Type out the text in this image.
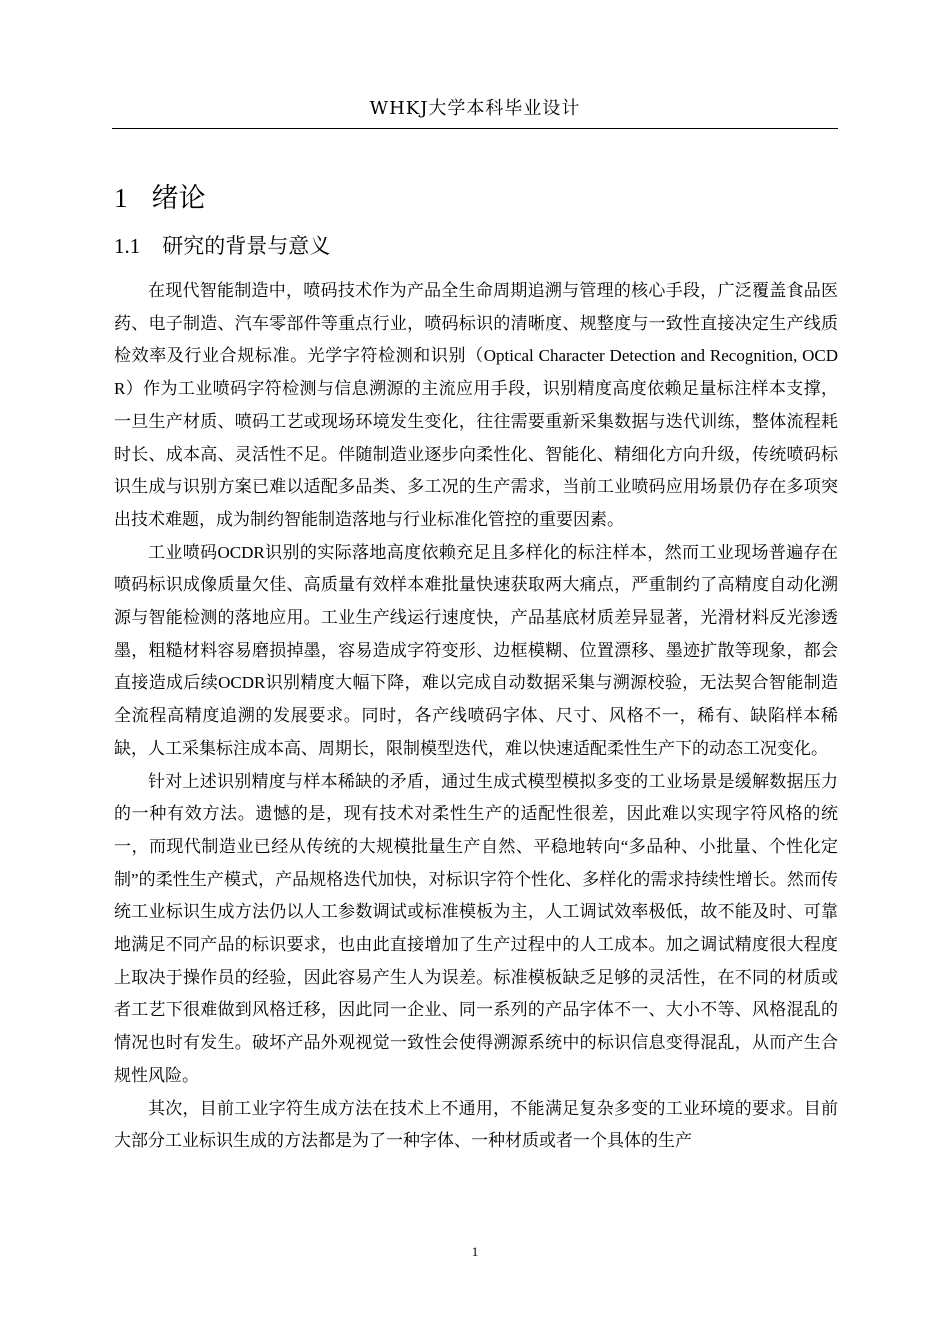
WHKJ大学本科毕业设计
1 绪论
1.1 研究的背景与意义

在现代智能制造中，喷码技术作为产品全生命周期追溯与管理的核心手段，广泛覆盖食品医药、电子制造、汽车零部件等重点行业，喷码标识的清晰度、规整度与一致性直接决定生产线质检效率及行业合规标准。光学字符检测和识别（Optical Character Detection and Recognition, OCDR）作为工业喷码字符检测与信息溯源的主流应用手段，识别精度高度依赖足量标注样本支撑，一旦生产材质、喷码工艺或现场环境发生变化，往往需要重新采集数据与迭代训练，整体流程耗时长、成本高、灵活性不足。伴随制造业逐步向柔性化、智能化、精细化方向升级，传统喷码标识生成与识别方案已难以适配多品类、多工况的生产需求，当前工业喷码应用场景仍存在多项突出技术难题，成为制约智能制造落地与行业标准化管控的重要因素。

工业喷码OCDR识别的实际落地高度依赖充足且多样化的标注样本，然而工业现场普遍存在喷码标识成像质量欠佳、高质量有效样本难批量快速获取两大痛点，严重制约了高精度自动化溯源与智能检测的落地应用。工业生产线运行速度快，产品基底材质差异显著，光滑材料反光渗透墨，粗糙材料容易磨损掉墨，容易造成字符变形、边框模糊、位置漂移、墨迹扩散等现象，都会直接造成后续OCDR识别精度大幅下降，难以完成自动数据采集与溯源校验，无法契合智能制造全流程高精度追溯的发展要求。同时，各产线喷码字体、尺寸、风格不一，稀有、缺陷样本稀缺，人工采集标注成本高、周期长，限制模型迭代，难以快速适配柔性生产下的动态工况变化。

针对上述识别精度与样本稀缺的矛盾，通过生成式模型模拟多变的工业场景是缓解数据压力的一种有效方法。遗憾的是，现有技术对柔性生产的适配性很差，因此难以实现字符风格的统一，而现代制造业已经从传统的大规模批量生产自然、平稳地转向“多品种、小批量、个性化定制”的柔性生产模式，产品规格迭代加快，对标识字符个性化、多样化的需求持续性增长。然而传统工业标识生成方法仍以人工参数调试或标准模板为主，人工调试效率极低，故不能及时、可靠地满足不同产品的标识要求，也由此直接增加了生产过程中的人工成本。加之调试精度很大程度上取决于操作员的经验，因此容易产生人为误差。标准模板缺乏足够的灵活性，在不同的材质或者工艺下很难做到风格迁移，因此同一企业、同一系列的产品字体不一、大小不等、风格混乱的情况也时有发生。破坏产品外观视觉一致性会使得溯源系统中的标识信息变得混乱，从而产生合规性风险。

其次，目前工业字符生成方法在技术上不通用，不能满足复杂多变的工业环境的要求。目前大部分工业标识生成的方法都是为了一种字体、一种材质或者一个具体的生产

1
